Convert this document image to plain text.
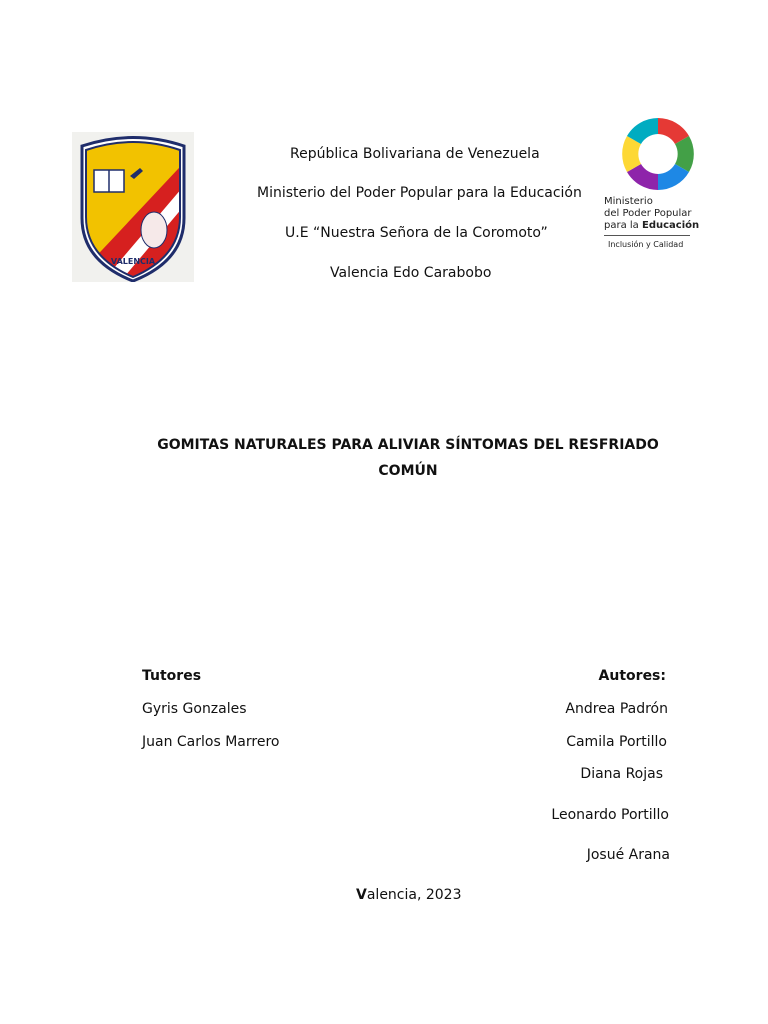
VALENCIA
República Bolivariana de Venezuela
Ministerio del Poder Popular para la Educación
U.E “Nuestra Señora de la Coromoto”
Valencia Edo Carabobo
Ministerio
del Poder Popular
para la Educación
Inclusión y Calidad
GOMITAS NATURALES PARA ALIVIAR SÍNTOMAS DEL RESFRIADO COMÚN
Tutores
Gyris Gonzales
Juan Carlos Marrero
Autores:
Andrea Padrón
Camila Portillo
Diana Rojas
Leonardo Portillo
Josué Arana
Valencia, 2023
